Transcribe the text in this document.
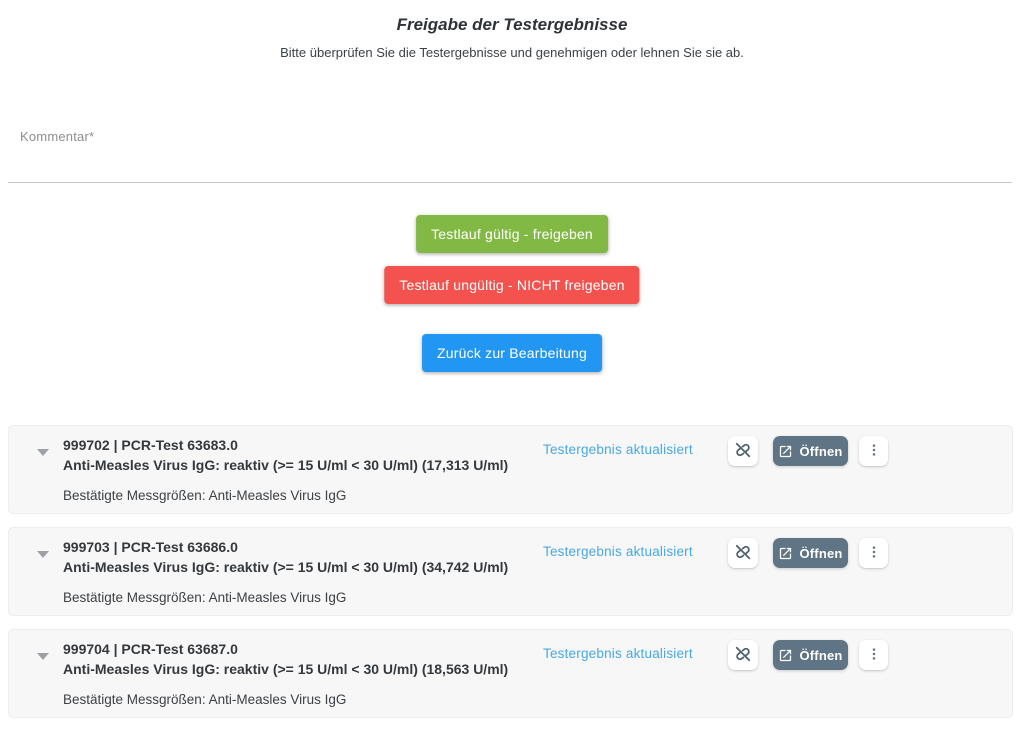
Freigabe der Testergebnisse
Bitte überprüfen Sie die Testergebnisse und genehmigen oder lehnen Sie sie ab.
Kommentar*
Testlauf gültig - freigeben
Testlauf ungültig - NICHT freigeben
Zurück zur Bearbeitung
999702 | PCR-Test 63683.0
Anti-Measles Virus IgG: reaktiv (>= 15 U/ml < 30 U/ml) (17,313 U/ml)
Bestätigte Messgrößen: Anti-Measles Virus IgG
Testergebnis aktualisiert	Öffnen
999703 | PCR-Test 63686.0
Anti-Measles Virus IgG: reaktiv (>= 15 U/ml < 30 U/ml) (34,742 U/ml)
Bestätigte Messgrößen: Anti-Measles Virus IgG
Testergebnis aktualisiert	Öffnen
999704 | PCR-Test 63687.0
Anti-Measles Virus IgG: reaktiv (>= 15 U/ml < 30 U/ml) (18,563 U/ml)
Bestätigte Messgrößen: Anti-Measles Virus IgG
Testergebnis aktualisiert	Öffnen
